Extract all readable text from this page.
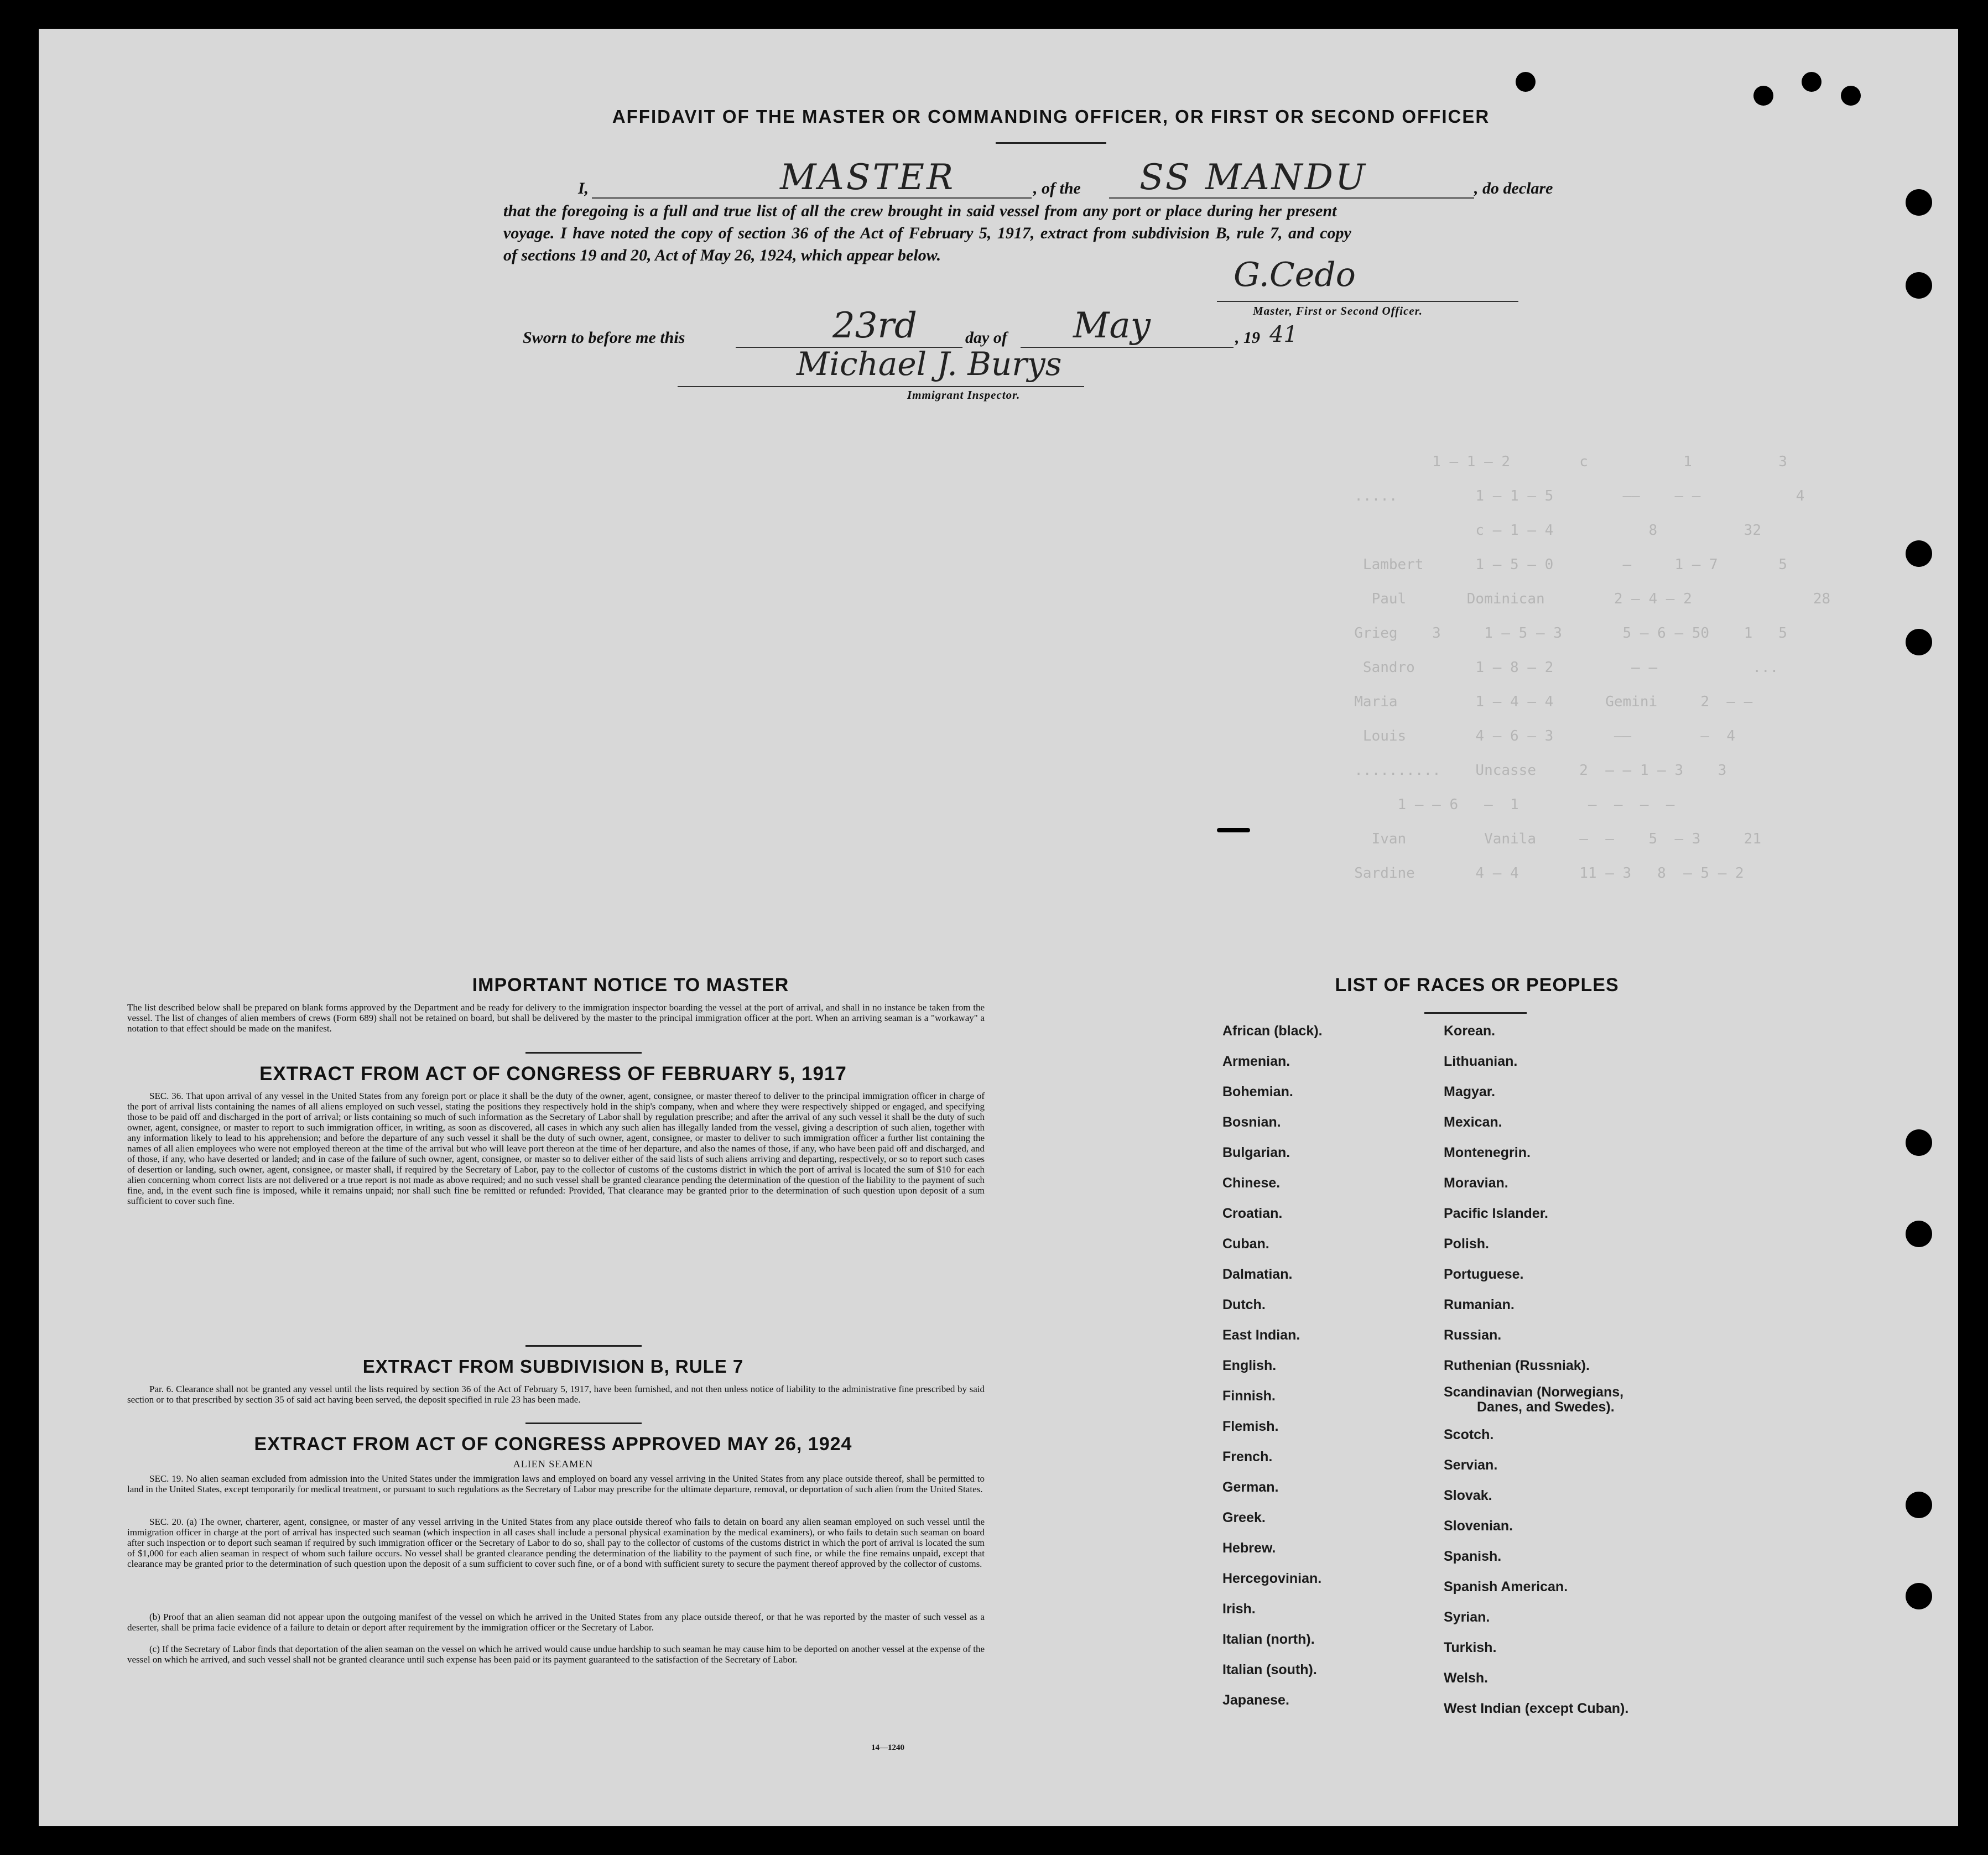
1 — 1 — 2        c           1          3
.....         1 — 1 — 5        ——    — —           4
c — 1 — 4           8          32
Lambert      1 — 5 — 0        —     1 — 7       5
Paul       Dominican        2 — 4 — 2              28
Grieg    3     1 — 5 — 3       5 — 6 — 50    1   5
Sandro       1 — 8 — 2         — —           ...
Maria         1 — 4 — 4      Gemini     2  — —
Louis        4 — 6 — 3       ——        —  4
..........    Uncasse     2  — — 1 — 3    3
1 — — 6   —  1        —  —  —  —
Ivan         Vanila     —  —    5  — 3     21
Sardine       4 — 4       11 — 3   8  — 5 — 2

AFFIDAVIT OF THE MASTER OR COMMANDING OFFICER, OR FIRST OR SECOND OFFICER
I,	MASTER	, of the SS MANDU	, do declare
that the foregoing is a full and true list of all the crew brought in said vessel from any port or place during her present
voyage. I have noted the copy of section 36 of the Act of February 5, 1917, extract from subdivision B, rule 7, and copy
of sections 19 and 20, Act of May 26, 1924, which appear below.
G.Cedo
Master, First or Second Officer.
Sworn to before me this	23rd	day of May	, 19 41
Michael J. Burys
Immigrant Inspector.
IMPORTANT NOTICE TO MASTER
The list described below shall be prepared on blank forms approved by the Department and be ready for delivery to the immigration inspector boarding the vessel at the port of arrival, and shall in no instance be taken from the vessel. The list of changes of alien members of crews (Form 689) shall not be retained on board, but shall be delivered by the master to the principal immigration officer at the port. When an arriving seaman is a "workaway" a notation to that effect should be made on the manifest.
EXTRACT FROM ACT OF CONGRESS OF FEBRUARY 5, 1917
SEC. 36. That upon arrival of any vessel in the United States from any foreign port or place it shall be the duty of the owner, agent, consignee, or master thereof to deliver to the principal immigration officer in charge of the port of arrival lists containing the names of all aliens employed on such vessel, stating the positions they respectively hold in the ship's company, when and where they were respectively shipped or engaged, and specifying those to be paid off and discharged in the port of arrival; or lists containing so much of such information as the Secretary of Labor shall by regulation prescribe; and after the arrival of any such vessel it shall be the duty of such owner, agent, consignee, or master to report to such immigration officer, in writing, as soon as discovered, all cases in which any such alien has illegally landed from the vessel, giving a description of such alien, together with any information likely to lead to his apprehension; and before the departure of any such vessel it shall be the duty of such owner, agent, consignee, or master to deliver to such immigration officer a further list containing the names of all alien employees who were not employed thereon at the time of the arrival but who will leave port thereon at the time of her departure, and also the names of those, if any, who have been paid off and discharged, and of those, if any, who have deserted or landed; and in case of the failure of such owner, agent, consignee, or master so to deliver either of the said lists of such aliens arriving and departing, respectively, or so to report such cases of desertion or landing, such owner, agent, consignee, or master shall, if required by the Secretary of Labor, pay to the collector of customs of the customs district in which the port of arrival is located the sum of $10 for each alien concerning whom correct lists are not delivered or a true report is not made as above required; and no such vessel shall be granted clearance pending the determination of the question of the liability to the payment of such fine, and, in the event such fine is imposed, while it remains unpaid; nor shall such fine be remitted or refunded: Provided, That clearance may be granted prior to the determination of such question upon deposit of a sum sufficient to cover such fine.
EXTRACT FROM SUBDIVISION B, RULE 7
Par. 6. Clearance shall not be granted any vessel until the lists required by section 36 of the Act of February 5, 1917, have been furnished, and not then unless notice of liability to the administrative fine prescribed by said section or to that prescribed by section 35 of said act having been served, the deposit specified in rule 23 has been made.
EXTRACT FROM ACT OF CONGRESS APPROVED MAY 26, 1924
ALIEN SEAMEN
SEC. 19. No alien seaman excluded from admission into the United States under the immigration laws and employed on board any vessel arriving in the United States from any place outside thereof, shall be permitted to land in the United States, except temporarily for medical treatment, or pursuant to such regulations as the Secretary of Labor may prescribe for the ultimate departure, removal, or deportation of such alien from the United States.
SEC. 20. (a) The owner, charterer, agent, consignee, or master of any vessel arriving in the United States from any place outside thereof who fails to detain on board any alien seaman employed on such vessel until the immigration officer in charge at the port of arrival has inspected such seaman (which inspection in all cases shall include a personal physical examination by the medical examiners), or who fails to detain such seaman on board after such inspection or to deport such seaman if required by such immigration officer or the Secretary of Labor to do so, shall pay to the collector of customs of the customs district in which the port of arrival is located the sum of $1,000 for each alien seaman in respect of whom such failure occurs. No vessel shall be granted clearance pending the determination of the liability to the payment of such fine, or while the fine remains unpaid, except that clearance may be granted prior to the determination of such question upon the deposit of a sum sufficient to cover such fine, or of a bond with sufficient surety to secure the payment thereof approved by the collector of customs.
(b) Proof that an alien seaman did not appear upon the outgoing manifest of the vessel on which he arrived in the United States from any place outside thereof, or that he was reported by the master of such vessel as a deserter, shall be prima facie evidence of a failure to detain or deport after requirement by the immigration officer or the Secretary of Labor.
(c) If the Secretary of Labor finds that deportation of the alien seaman on the vessel on which he arrived would cause undue hardship to such seaman he may cause him to be deported on another vessel at the expense of the vessel on which he arrived, and such vessel shall not be granted clearance until such expense has been paid or its payment guaranteed to the satisfaction of the Secretary of Labor.
14—1240
LIST OF RACES OR PEOPLES
African (black).
Armenian.
Bohemian.
Bosnian.
Bulgarian.
Chinese.
Croatian.
Cuban.
Dalmatian.
Dutch.
East Indian.
English.
Finnish.
Flemish.
French.
German.
Greek.
Hebrew.
Hercegovinian.
Irish.
Italian (north).
Italian (south).
Japanese.
Korean.
Lithuanian.
Magyar.
Mexican.
Montenegrin.
Moravian.
Pacific Islander.
Polish.
Portuguese.
Rumanian.
Russian.
Ruthenian (Russniak).
Scandinavian (Norwegians,
Danes, and Swedes).
Scotch.
Servian.
Slovak.
Slovenian.
Spanish.
Spanish American.
Syrian.
Turkish.
Welsh.
West Indian (except Cuban).
